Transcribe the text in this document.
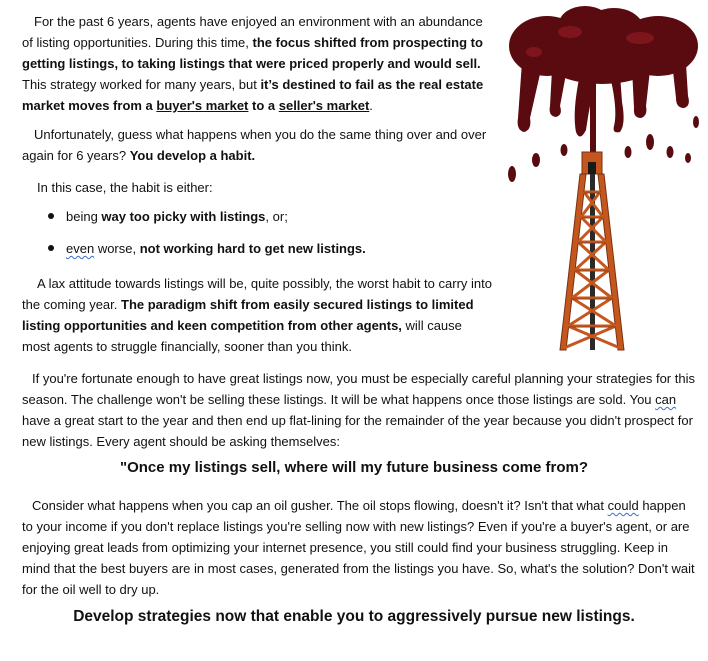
For the past 6 years, agents have enjoyed an environment with an abundance of listing opportunities. During this time, the focus shifted from prospecting to getting listings, to taking listings that were priced properly and would sell. This strategy worked for many years, but it’s destined to fail as the real estate market moves from a buyer's market to a seller's market.

Unfortunately, guess what happens when you do the same thing over and over again for 6 years? You develop a habit.

In this case, the habit is either:

being way too picky with listings, or;
even worse, not working hard to get new listings.

A lax attitude towards listings will be, quite possibly, the worst habit to carry into the coming year. The paradigm shift from easily secured listings to limited listing opportunities and keen competition from other agents, will cause most agents to struggle financially, sooner than you think.

If you're fortunate enough to have great listings now, you must be especially careful planning your strategies for this season. The challenge won't be selling these listings. It will be what happens once those listings are sold. You can have a great start to the year and then end up flat-lining for the remainder of the year because you didn't prospect for new listings. Every agent should be asking themselves:

"Once my listings sell, where will my future business come from?

Consider what happens when you cap an oil gusher. The oil stops flowing, doesn't it? Isn't that what could happen to your income if you don't replace listings you're selling now with new listings? Even if you're a buyer's agent, or are enjoying great leads from optimizing your internet presence, you still could find your business struggling. Keep in mind that the best buyers are in most cases, generated from the listings you have. So, what's the solution? Don't wait for the oil well to dry up.

Develop strategies now that enable you to aggressively pursue new listings.
